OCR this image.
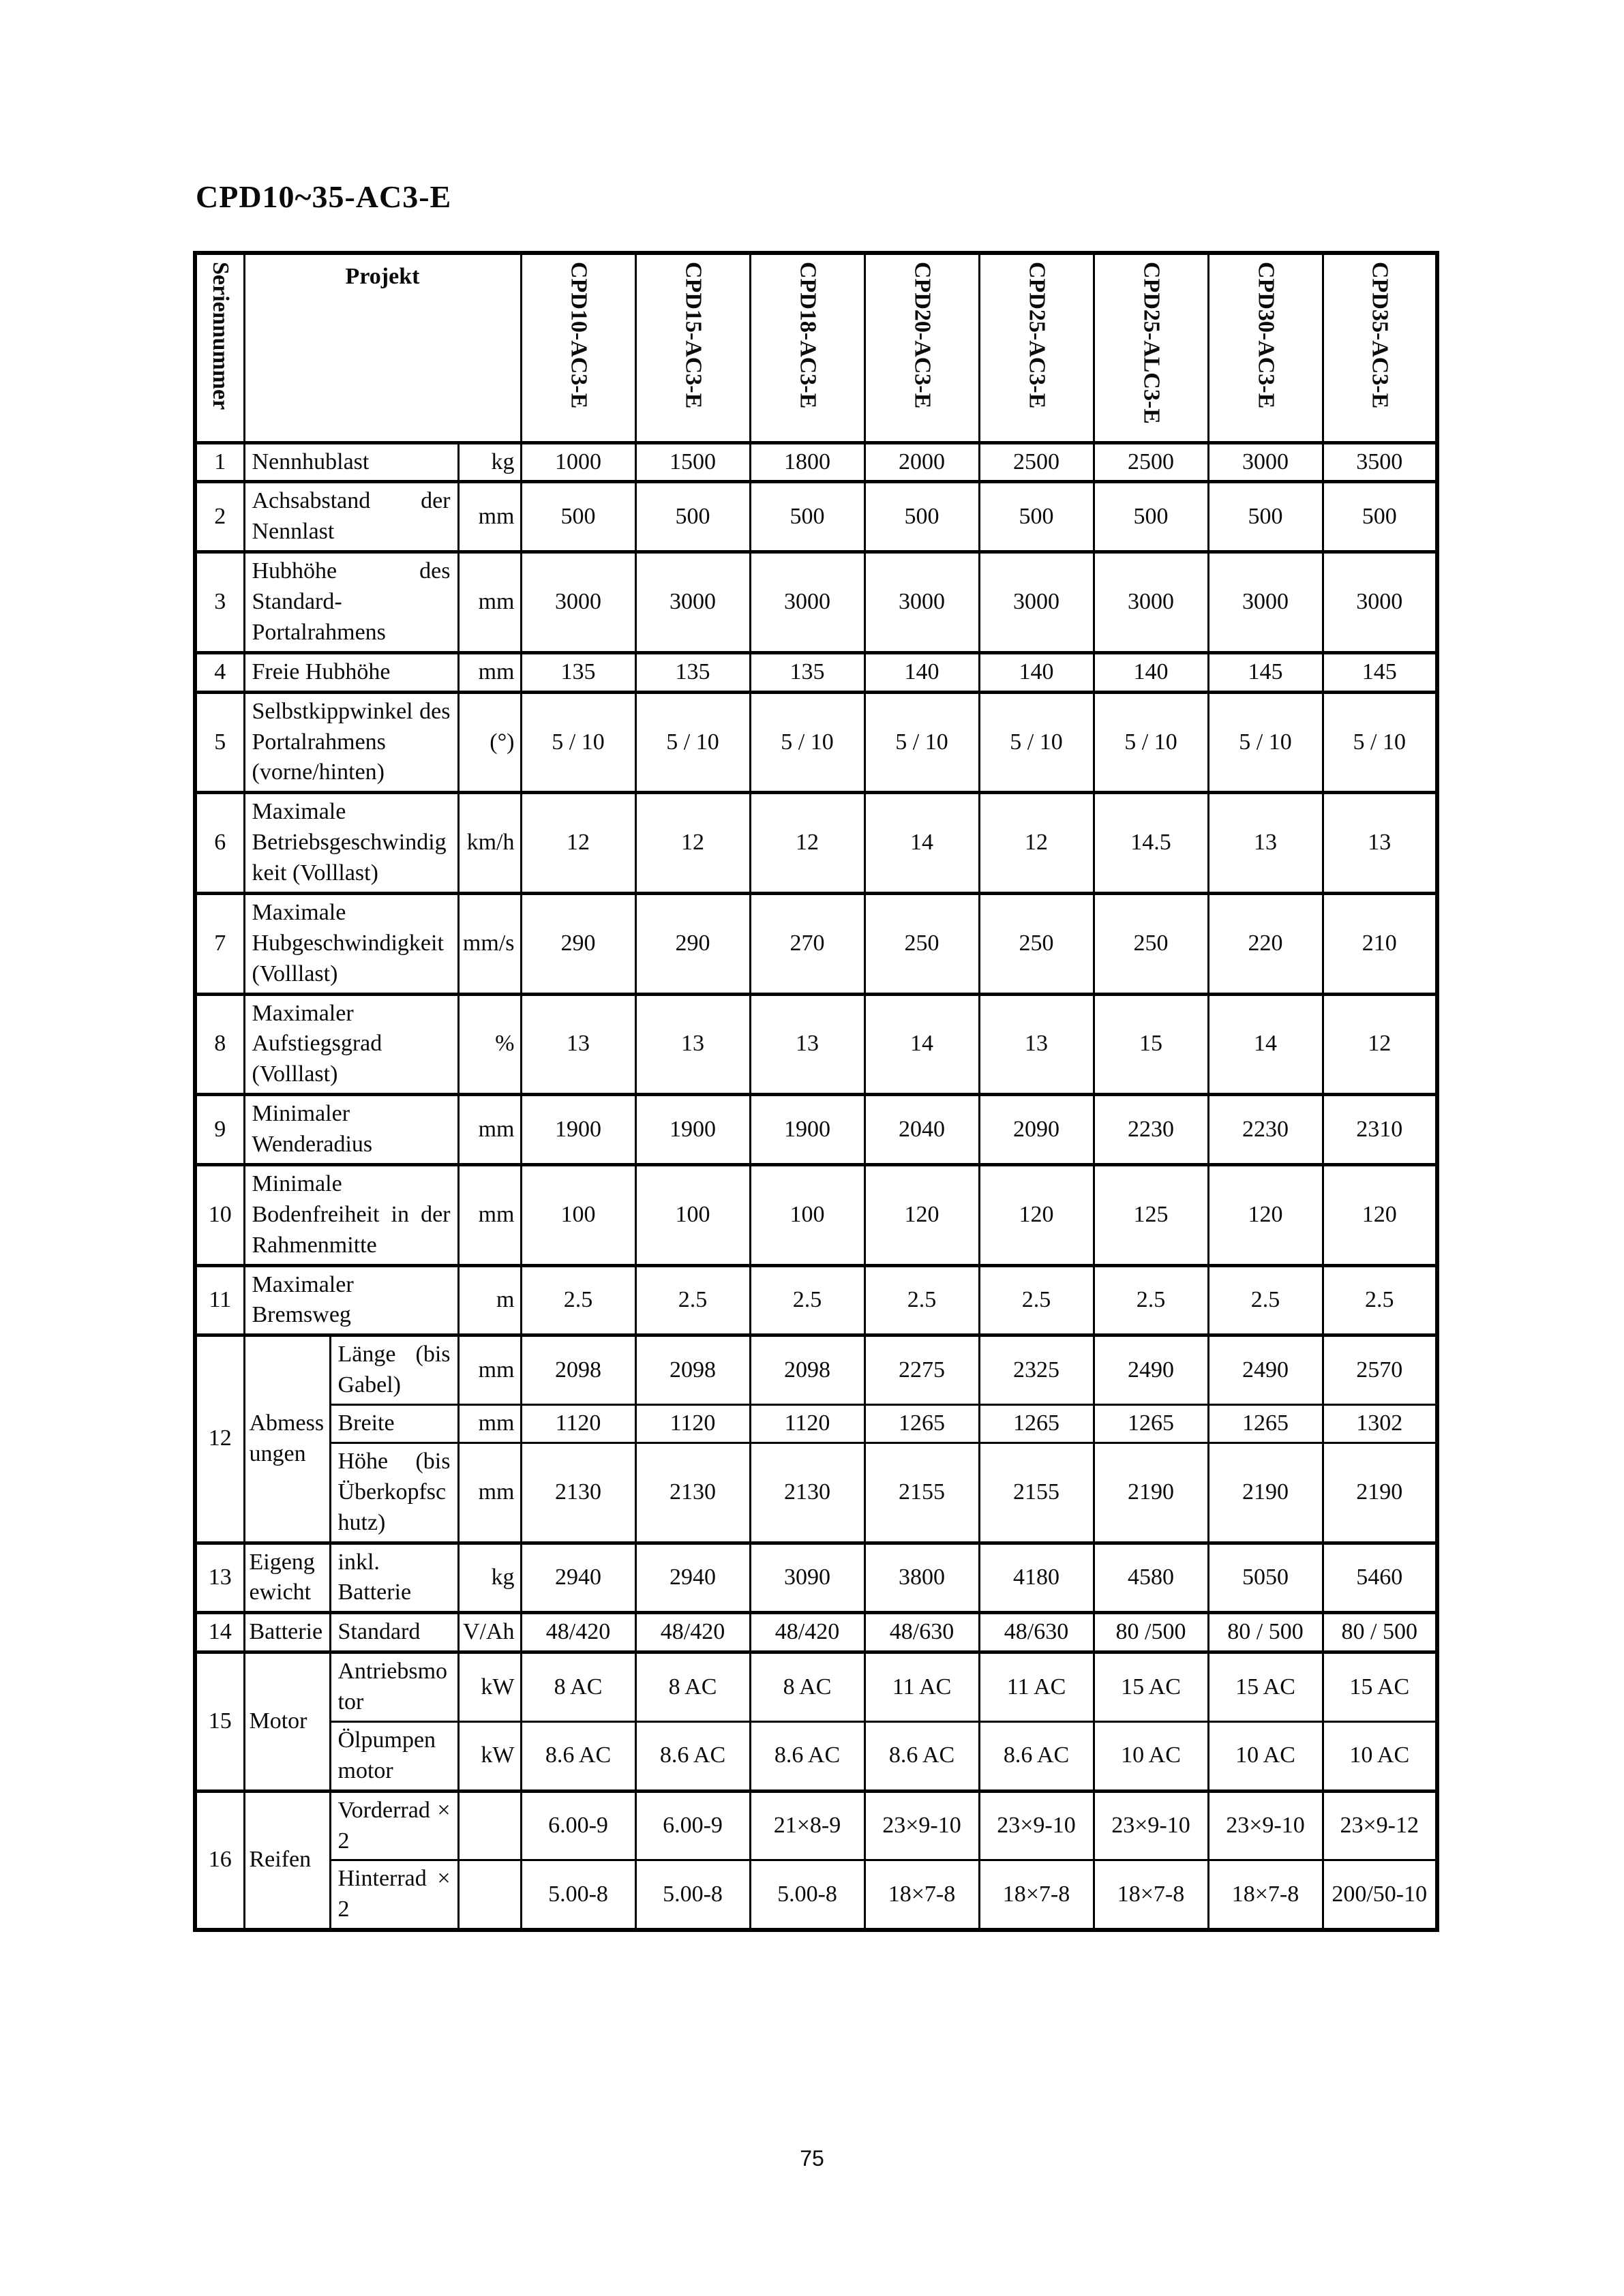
CPD10~35-AC3-E
Seriennummer	Projekt			CPD10-AC3-E	CPD15-AC3-E	CPD18-AC3-E	CPD20-AC3-E	CPD25-AC3-E	CPD25-ALC3-E	CPD30-AC3-E	CPD35-AC3-E
1	Nennhublast		kg	1000	1500	1800	2000	2500	2500	3000	3500
2	Achsabstand der Nennlast		mm	500	500	500	500	500	500	500	500
3	Hubhöhe des Standard- Portalrahmens		mm	3000	3000	3000	3000	3000	3000	3000	3000
4	Freie Hubhöhe		mm	135	135	135	140	140	140	145	145
5	Selbstkippwinkel des Portalrahmens (vorne/hinten)		(°)	5 / 10	5 / 10	5 / 10	5 / 10	5 / 10	5 / 10	5 / 10	5 / 10
6	Maximale Betriebsgeschwindigkeit (Volllast)		km/h	12	12	12	14	12	14.5	13	13
7	Maximale Hubgeschwindigkeit (Volllast)		mm/s	290	290	270	250	250	250	220	210
8	Maximaler Aufstiegsgrad (Volllast)		%	13	13	13	14	13	15	14	12
9	Minimaler Wenderadius		mm	1900	1900	1900	2040	2090	2230	2230	2310
10	Minimale Bodenfreiheit in der Rahmenmitte		mm	100	100	100	120	120	125	120	120
11	Maximaler Bremsweg		m	2.5	2.5	2.5	2.5	2.5	2.5	2.5	2.5
12	Abmessungen	Länge (bis Gabel)	mm	2098	2098	2098	2275	2325	2490	2490	2570
		Breite	mm	1120	1120	1120	1265	1265	1265	1265	1302
		Höhe (bis Überkopfschutz)	mm	2130	2130	2130	2155	2155	2190	2190	2190
13	Eigengewicht	inkl. Batterie	kg	2940	2940	3090	3800	4180	4580	5050	5460
14	Batterie	Standard	V/Ah	48/420	48/420	48/420	48/630	48/630	80 /500	80 / 500	80 / 500
15	Motor	Antriebsmotor	kW	8 AC	8 AC	8 AC	11 AC	11 AC	15 AC	15 AC	15 AC
		Ölpumpenmotor	kW	8.6 AC	8.6 AC	8.6 AC	8.6 AC	8.6 AC	10 AC	10 AC	10 AC
16	Reifen	Vorderrad × 2		6.00-9	6.00-9	21×8-9	23×9-10	23×9-10	23×9-10	23×9-10	23×9-12
		Hinterrad × 2		5.00-8	5.00-8	5.00-8	18×7-8	18×7-8	18×7-8	18×7-8	200/50-10
75
